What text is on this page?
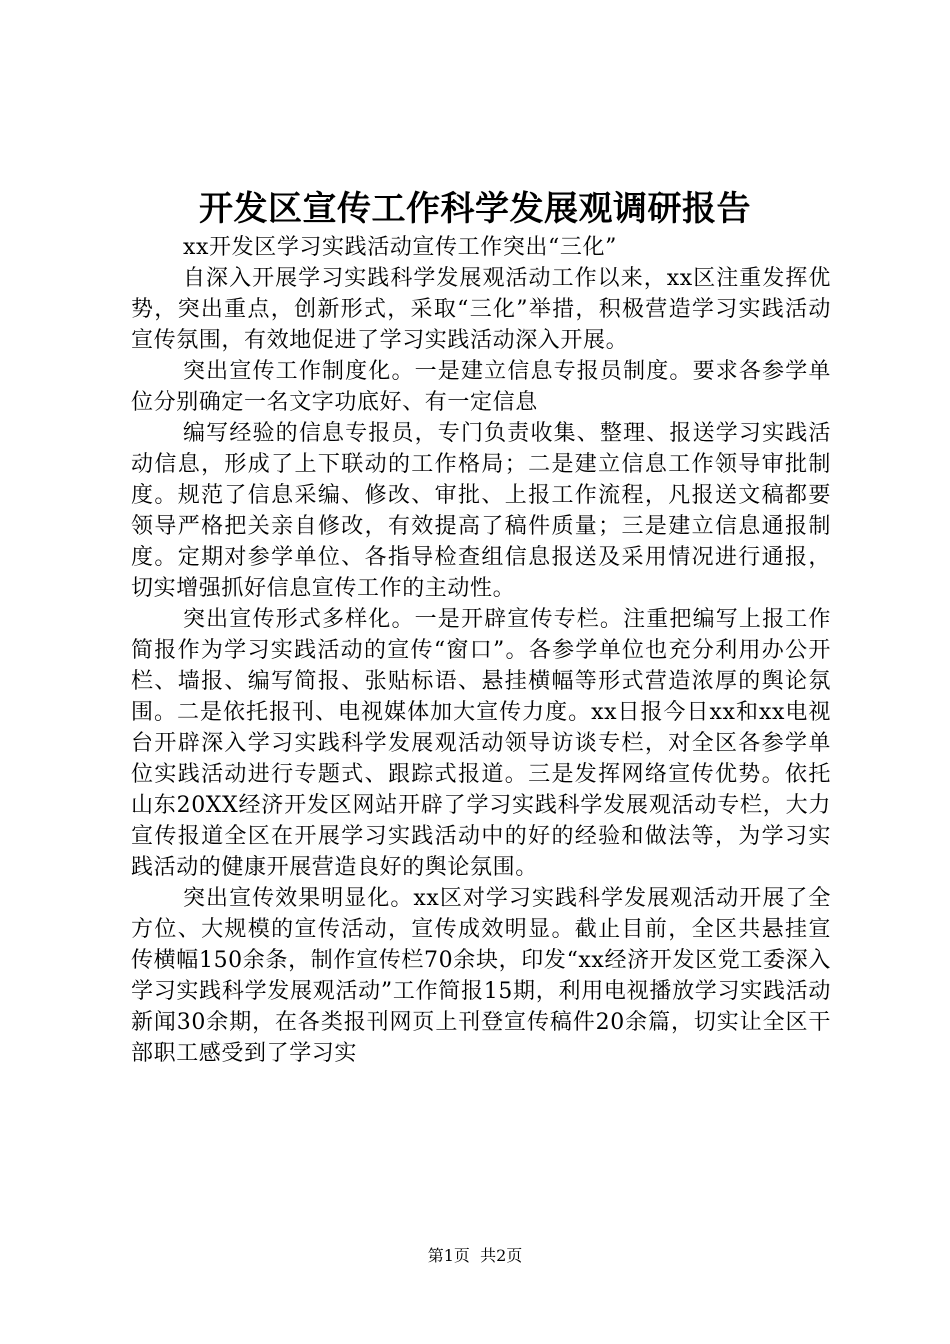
开发区宣传工作科学发展观调研报告

xx开发区学习实践活动宣传工作突出“三化”

自深入开展学习实践科学发展观活动工作以来，xx区注重发挥优势，突出重点，创新形式，采取“三化”举措，积极营造学习实践活动宣传氛围，有效地促进了学习实践活动深入开展。

突出宣传工作制度化。一是建立信息专报员制度。要求各参学单位分别确定一名文字功底好、有一定信息

编写经验的信息专报员，专门负责收集、整理、报送学习实践活动信息，形成了上下联动的工作格局；二是建立信息工作领导审批制度。规范了信息采编、修改、审批、上报工作流程，凡报送文稿都要领导严格把关亲自修改，有效提高了稿件质量；三是建立信息通报制度。定期对参学单位、各指导检查组信息报送及采用情况进行通报，切实增强抓好信息宣传工作的主动性。

突出宣传形式多样化。一是开辟宣传专栏。注重把编写上报工作简报作为学习实践活动的宣传“窗口”。各参学单位也充分利用办公开栏、墙报、编写简报、张贴标语、悬挂横幅等形式营造浓厚的舆论氛围。二是依托报刊、电视媒体加大宣传力度。xx日报今日xx和xx电视台开辟深入学习实践科学发展观活动领导访谈专栏，对全区各参学单位实践活动进行专题式、跟踪式报道。三是发挥网络宣传优势。依托山东20XX经济开发区网站开辟了学习实践科学发展观活动专栏，大力宣传报道全区在开展学习实践活动中的好的经验和做法等，为学习实践活动的健康开展营造良好的舆论氛围。

突出宣传效果明显化。xx区对学习实践科学发展观活动开展了全方位、大规模的宣传活动，宣传成效明显。截止目前，全区共悬挂宣传横幅150余条，制作宣传栏70余块，印发“xx经济开发区党工委深入学习实践科学发展观活动”工作简报15期，利用电视播放学习实践活动新闻30余期，在各类报刊网页上刊登宣传稿件20余篇，切实让全区干部职工感受到了学习实

第1页 共2页
